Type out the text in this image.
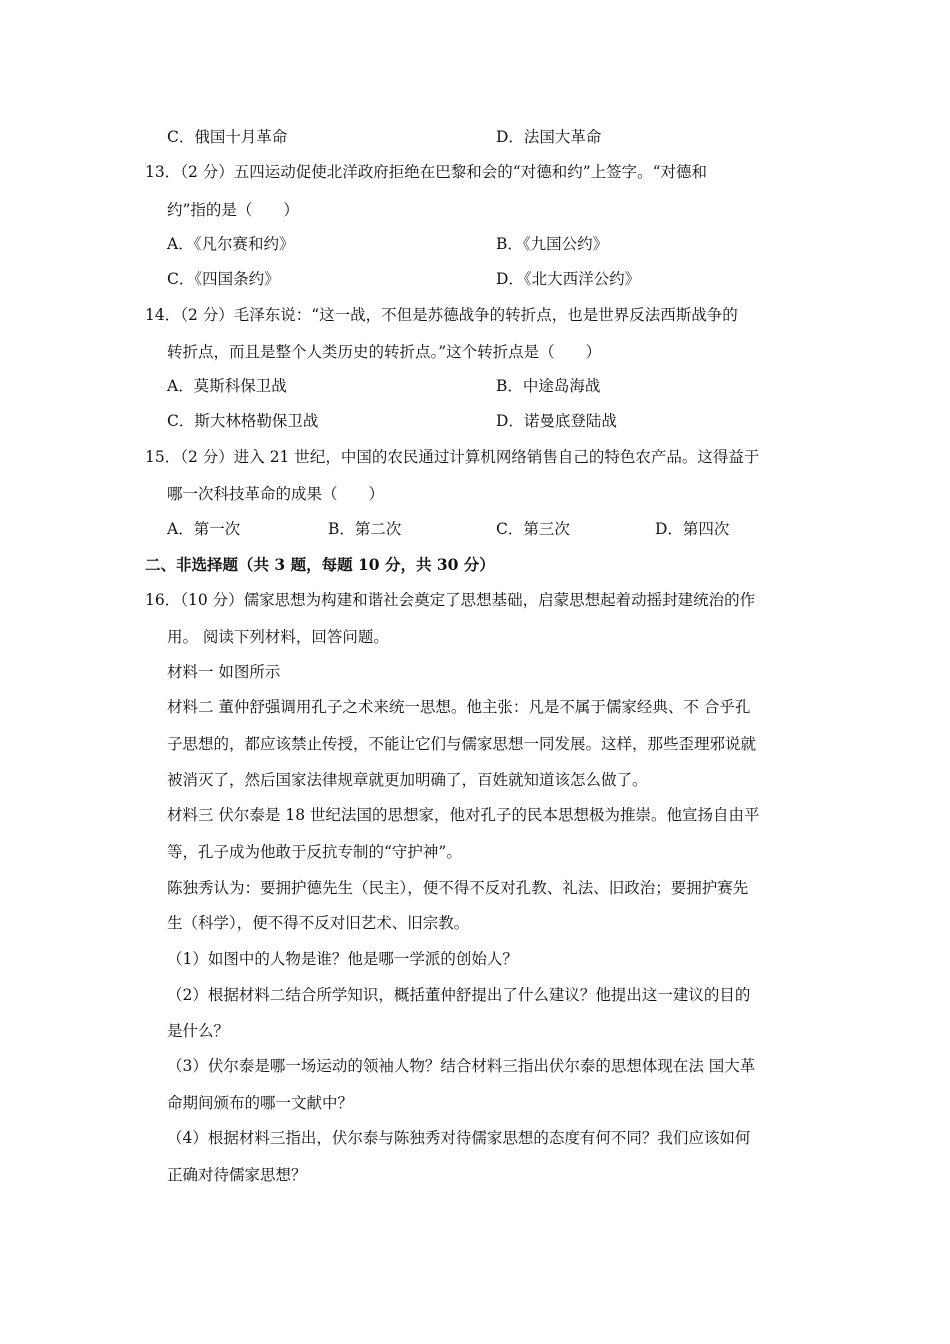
C．俄国十月革命	D．法国大革命
13．（2 分）五四运动促使北洋政府拒绝在巴黎和会的“对德和约”上签字。“对德和
约”指的是（　　）
A．《凡尔赛和约》	B．《九国公约》
C．《四国条约》	D．《北大西洋公约》
14．（2 分）毛泽东说：“这一战，不但是苏德战争的转折点，也是世界反法西斯战争的
转折点，而且是整个人类历史的转折点。”这个转折点是（　　）
A．莫斯科保卫战	B．中途岛海战
C．斯大林格勒保卫战	D．诺曼底登陆战
15．（2 分）进入 21 世纪，中国的农民通过计算机网络销售自己的特色农产品。这得益于
哪一次科技革命的成果（　　）
A．第一次	B．第二次	C．第三次	D．第四次
二、非选择题（共 3 题，每题 10 分，共 30 分）
16．（10 分）儒家思想为构建和谐社会奠定了思想基础，启蒙思想起着动摇封建统治的作
用。 阅读下列材料，回答问题。
材料一 如图所示
材料二 董仲舒强调用孔子之术来统一思想。他主张：凡是不属于儒家经典、不 合乎孔
子思想的，都应该禁止传授，不能让它们与儒家思想一同发展。这样，那些歪理邪说就
被消灭了，然后国家法律规章就更加明确了，百姓就知道该怎么做了。
材料三 伏尔泰是 18 世纪法国的思想家，他对孔子的民本思想极为推崇。他宣扬自由平
等，孔子成为他敢于反抗专制的“守护神”。
陈独秀认为：要拥护德先生（民主），便不得不反对孔教、礼法、旧政治；要拥护赛先
生（科学），便不得不反对旧艺术、旧宗教。
（1）如图中的人物是谁？他是哪一学派的创始人？
（2）根据材料二结合所学知识，概括董仲舒提出了什么建议？他提出这一建议的目的
是什么？
（3）伏尔泰是哪一场运动的领袖人物？结合材料三指出伏尔泰的思想体现在法 国大革
命期间颁布的哪一文献中？
（4）根据材料三指出，伏尔泰与陈独秀对待儒家思想的态度有何不同？我们应该如何
正确对待儒家思想？
